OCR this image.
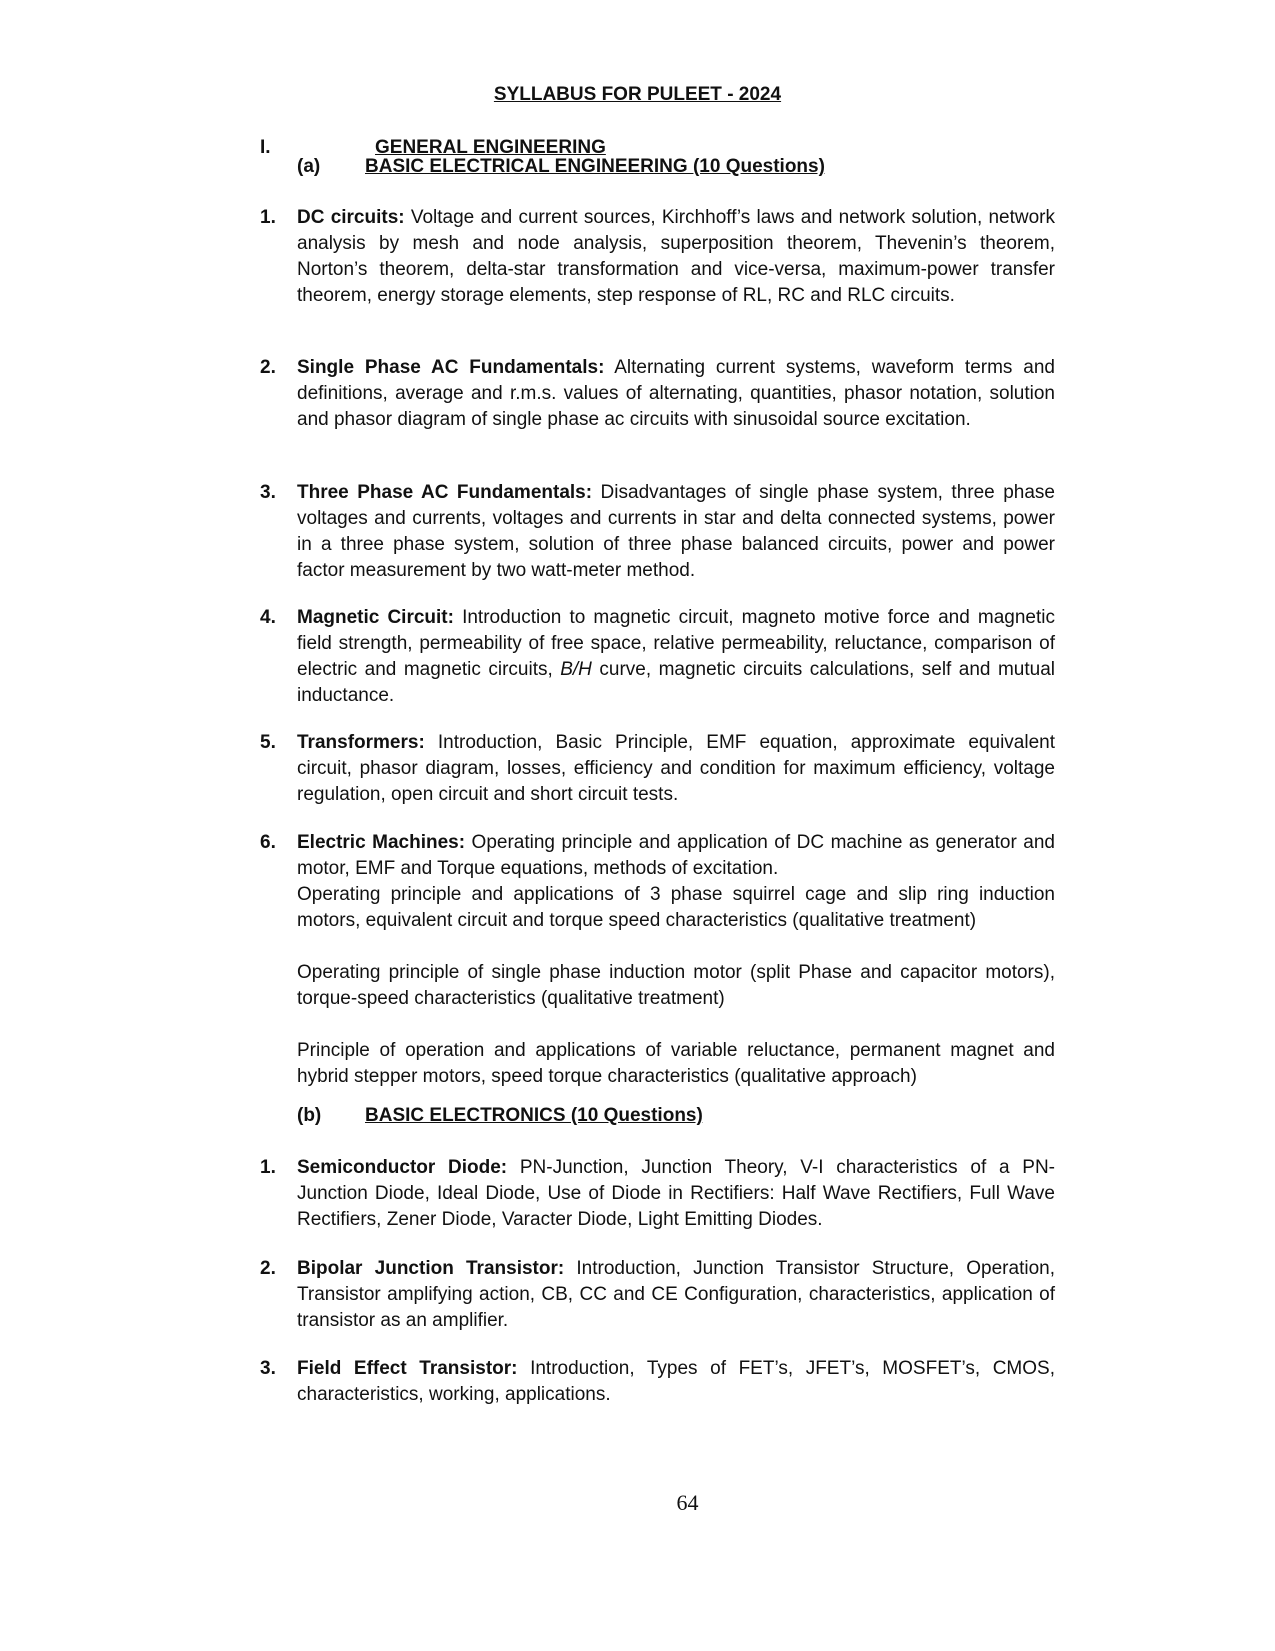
SYLLABUS FOR PULEET - 2024
I.	GENERAL ENGINEERING
(a) BASIC ELECTRICAL ENGINEERING (10 Questions)
1. DC circuits: Voltage and current sources, Kirchhoff’s laws and network solution, network analysis by mesh and node analysis, superposition theorem, Thevenin’s theorem, Norton’s theorem, delta-star transformation and vice-versa, maximum-power transfer theorem, energy storage elements, step response of RL, RC and RLC circuits.

2. Single Phase AC Fundamentals: Alternating current systems, waveform terms and definitions, average and r.m.s. values of alternating, quantities, phasor notation, solution and phasor diagram of single phase ac circuits with sinusoidal source excitation.

3. Three Phase AC Fundamentals: Disadvantages of single phase system, three phase voltages and currents, voltages and currents in star and delta connected systems, power in a three phase system, solution of three phase balanced circuits, power and power factor measurement by two watt-meter method.

4. Magnetic Circuit: Introduction to magnetic circuit, magneto motive force and magnetic field strength, permeability of free space, relative permeability, reluctance, comparison of electric and magnetic circuits, B/H curve, magnetic circuits calculations, self and mutual inductance.

5. Transformers: Introduction, Basic Principle, EMF equation, approximate equivalent circuit, phasor diagram, losses, efficiency and condition for maximum efficiency, voltage regulation, open circuit and short circuit tests.

6. Electric Machines: Operating principle and application of DC machine as generator and motor, EMF and Torque equations, methods of excitation.

Operating principle and applications of 3 phase squirrel cage and slip ring induction motors, equivalent circuit and torque speed characteristics (qualitative treatment)

Operating principle of single phase induction motor (split Phase and capacitor motors), torque-speed characteristics (qualitative treatment)

Principle of operation and applications of variable reluctance, permanent magnet and hybrid stepper motors, speed torque characteristics (qualitative approach)

(b) BASIC ELECTRONICS (10 Questions)
1. Semiconductor Diode: PN-Junction, Junction Theory, V-I characteristics of a PN-Junction Diode, Ideal Diode, Use of Diode in Rectifiers: Half Wave Rectifiers, Full Wave Rectifiers, Zener Diode, Varacter Diode, Light Emitting Diodes.

2. Bipolar Junction Transistor: Introduction, Junction Transistor Structure, Operation, Transistor amplifying action, CB, CC and CE Configuration, characteristics, application of transistor as an amplifier.

3. Field Effect Transistor: Introduction, Types of FET’s, JFET’s, MOSFET’s, CMOS, characteristics, working, applications.

64
